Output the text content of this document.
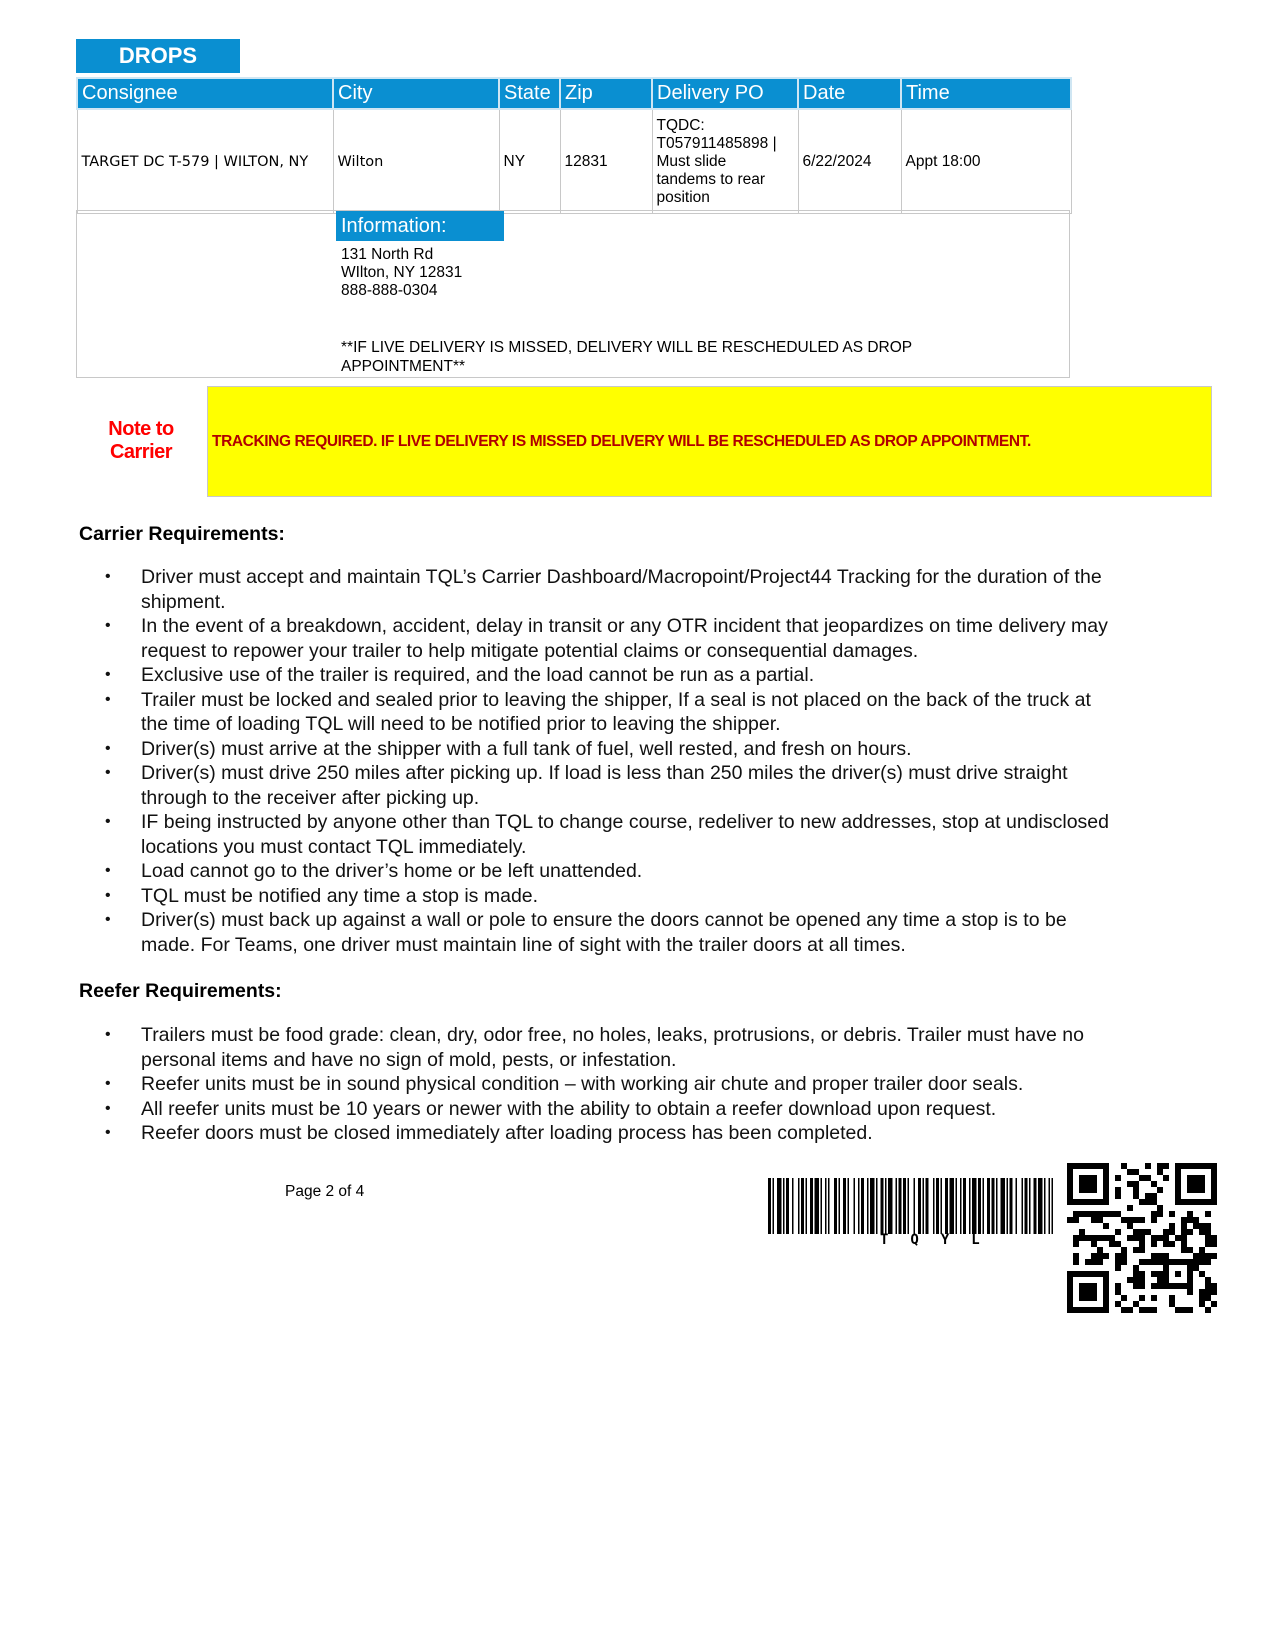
DROPS
Consignee	City	State	Zip	Delivery PO	Date	Time
TARGET DC T-579 | WILTON, NY	Wilton	NY	12831	TQDC:
T057911485898 |
Must slide
tandems to rear
position	6/22/2024	Appt 18:00
Information:
131 North Rd
WIlton, NY 12831
888-888-0304
**IF LIVE DELIVERY IS MISSED, DELIVERY WILL BE RESCHEDULED AS DROP APPOINTMENT**
Note to
Carrier	TRACKING REQUIRED. IF LIVE DELIVERY IS MISSED DELIVERY WILL BE RESCHEDULED AS DROP APPOINTMENT.
Carrier Requirements:
• Driver must accept and maintain TQL’s Carrier Dashboard/Macropoint/Project44 Tracking for the duration of the shipment.
• In the event of a breakdown, accident, delay in transit or any OTR incident that jeopardizes on time delivery may request to repower your trailer to help mitigate potential claims or consequential damages.
• Exclusive use of the trailer is required, and the load cannot be run as a partial.
• Trailer must be locked and sealed prior to leaving the shipper, If a seal is not placed on the back of the truck at the time of loading TQL will need to be notified prior to leaving the shipper.
• Driver(s) must arrive at the shipper with a full tank of fuel, well rested, and fresh on hours.
• Driver(s) must drive 250 miles after picking up. If load is less than 250 miles the driver(s) must drive straight through to the receiver after picking up.
• IF being instructed by anyone other than TQL to change course, redeliver to new addresses, stop at undisclosed locations you must contact TQL immediately.
• Load cannot go to the driver’s home or be left unattended.
• TQL must be notified any time a stop is made.
• Driver(s) must back up against a wall or pole to ensure the doors cannot be opened any time a stop is to be made. For Teams, one driver must maintain line of sight with the trailer doors at all times.
Reefer Requirements:
• Trailers must be food grade: clean, dry, odor free, no holes, leaks, protrusions, or debris. Trailer must have no personal items and have no sign of mold, pests, or infestation.
• Reefer units must be in sound physical condition – with working air chute and proper trailer door seals.
• All reefer units must be 10 years or newer with the ability to obtain a reefer download upon request.
• Reefer doors must be closed immediately after loading process has been completed.
Page 2 of 4
TQYL
